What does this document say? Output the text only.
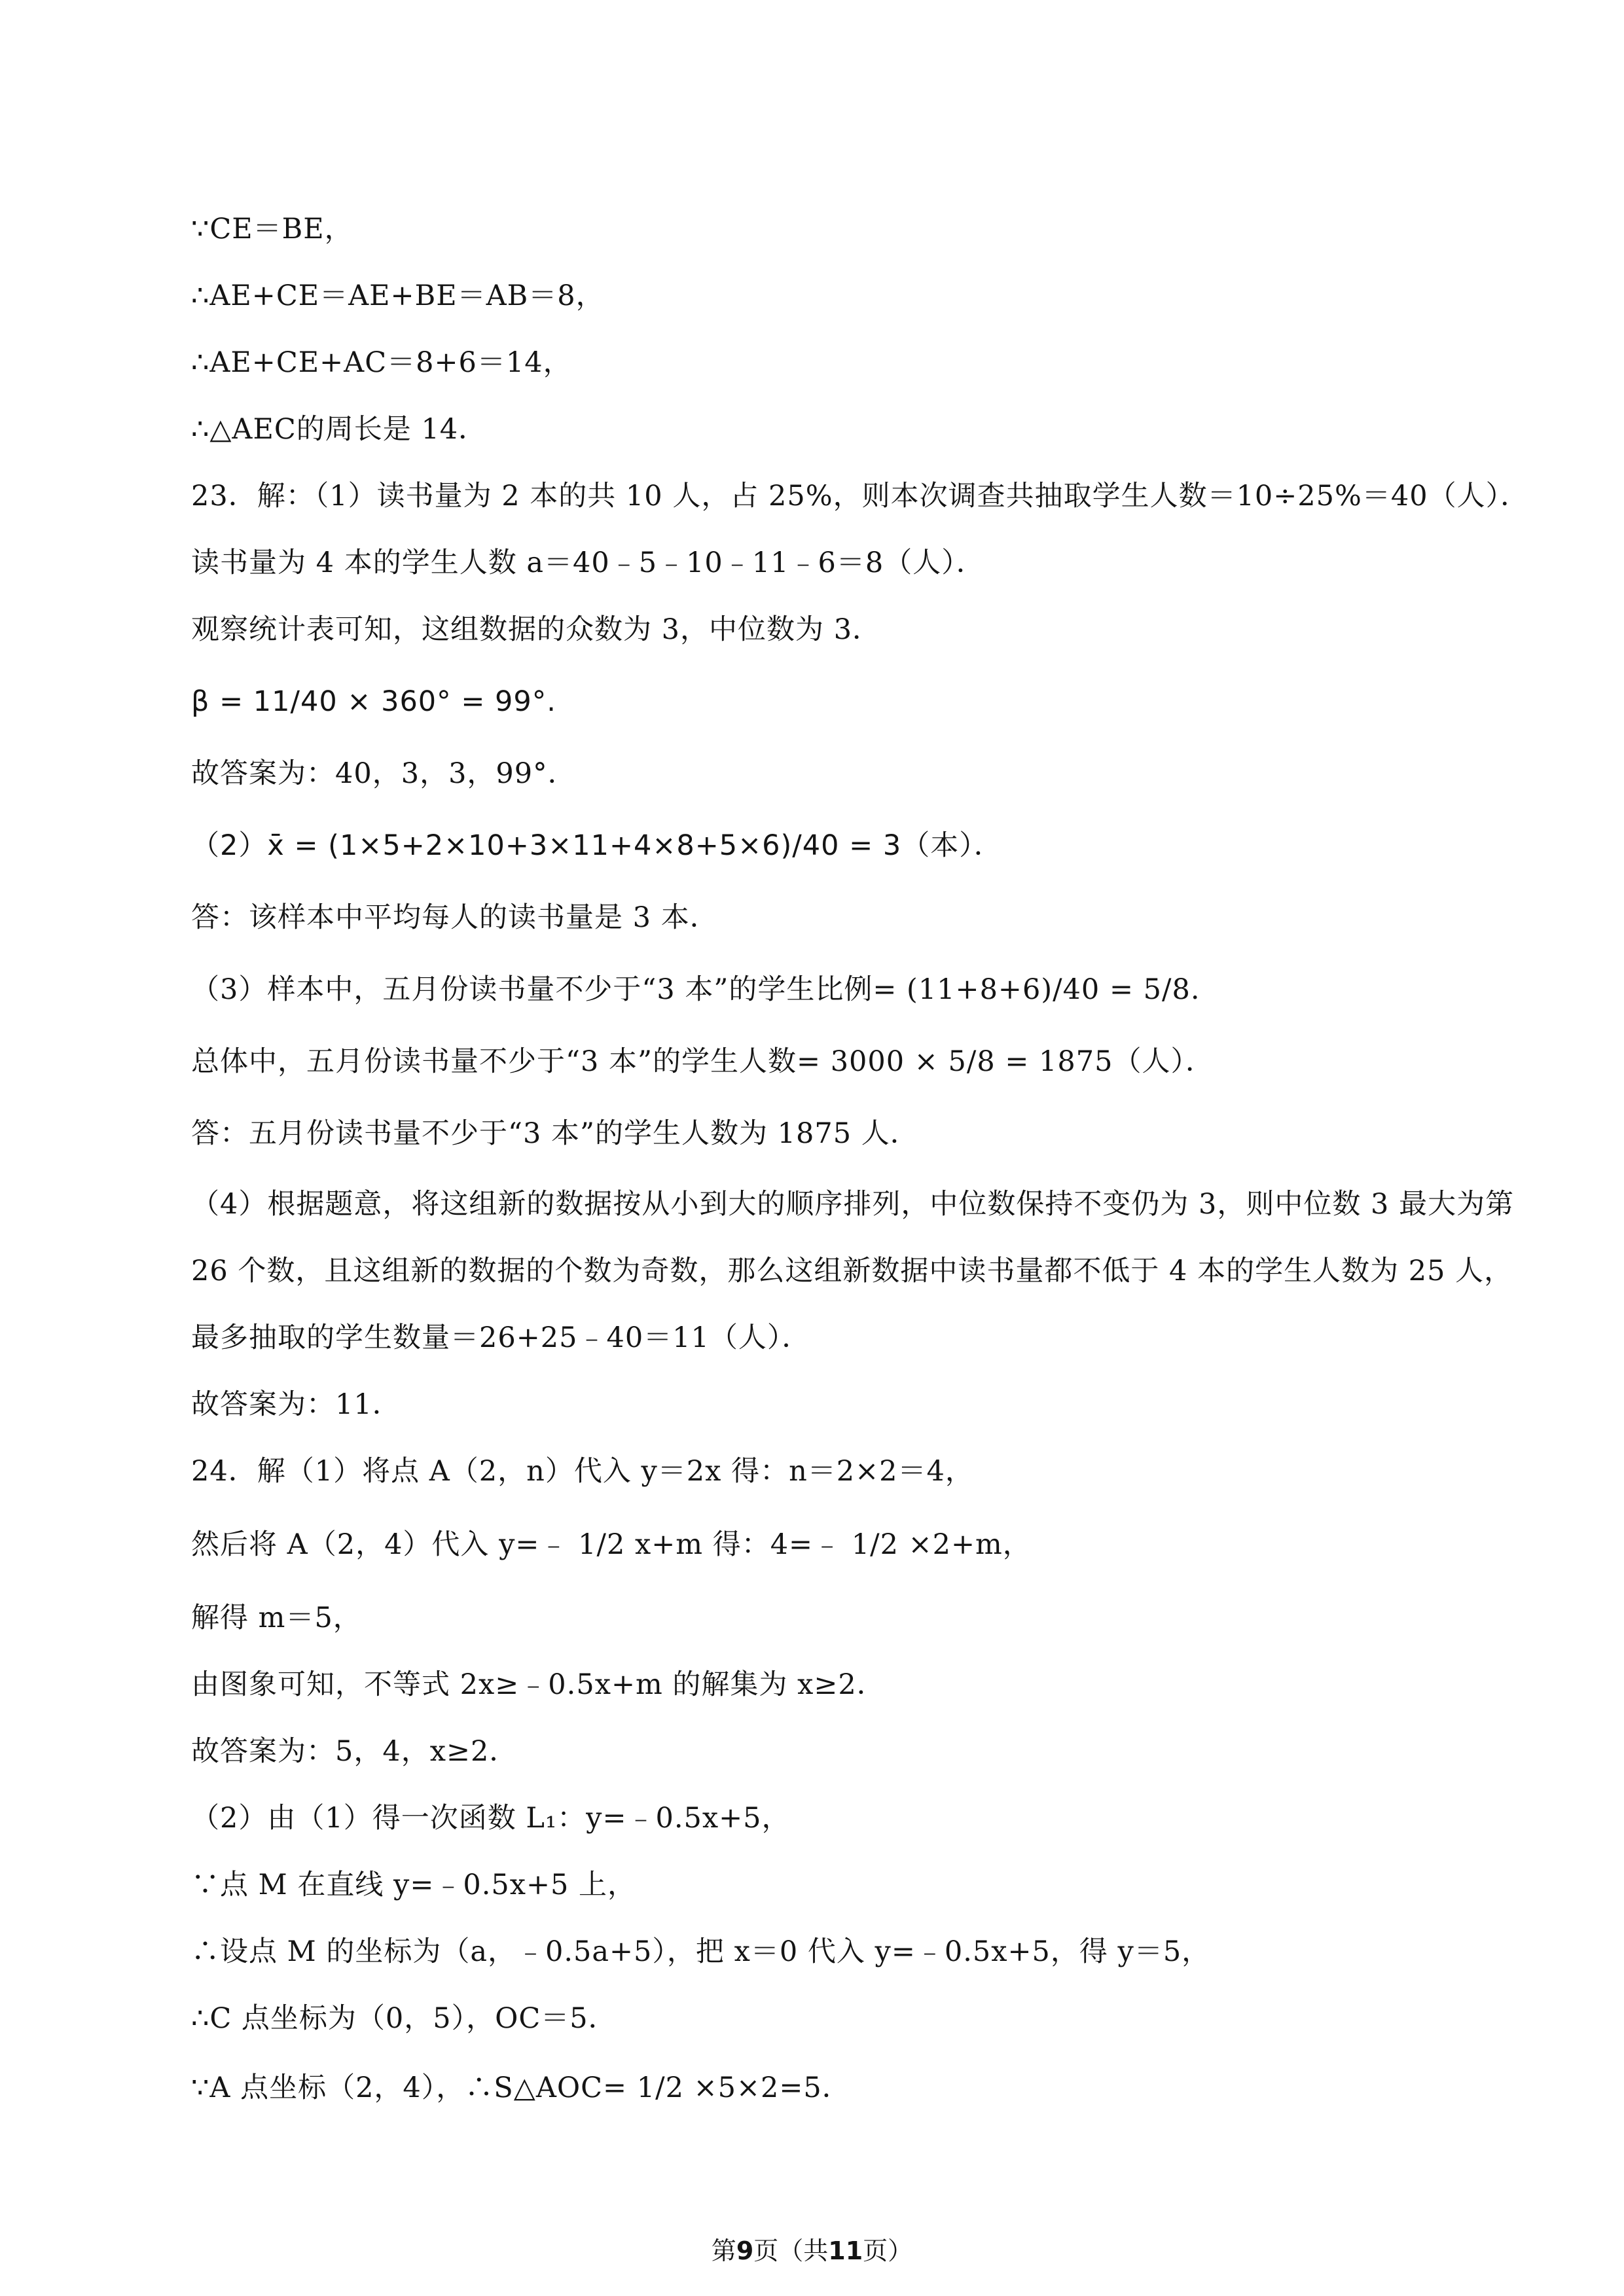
∵CE＝BE，
∴AE+CE＝AE+BE＝AB＝8，
∴AE+CE+AC＝8+6＝14，
∴△AEC的周长是 14．
23．解：（1）读书量为 2 本的共 10 人，占 25%，则本次调查共抽取学生人数＝10÷25%＝40（人）．
读书量为 4 本的学生人数 a＝40﹣5﹣10﹣11﹣6＝8（人）．
观察统计表可知，这组数据的众数为 3，中位数为 3．
β = 11/40 × 360° = 99°.
故答案为：40，3，3，99°．
（2）x̄ = (1×5+2×10+3×11+4×8+5×6)/40 = 3（本）．
答：该样本中平均每人的读书量是 3 本．
（3）样本中，五月份读书量不少于“3 本”的学生比例= (11+8+6)/40 = 5/8.
总体中，五月份读书量不少于“3 本”的学生人数= 3000 × 5/8 = 1875（人）．
答：五月份读书量不少于“3 本”的学生人数为 1875 人．
（4）根据题意，将这组新的数据按从小到大的顺序排列，中位数保持不变仍为 3，则中位数 3 最大为第
26 个数，且这组新的数据的个数为奇数，那么这组新数据中读书量都不低于 4 本的学生人数为 25 人，
最多抽取的学生数量＝26+25﹣40＝11（人）．
故答案为：11．
24．解（1）将点 A（2，n）代入 y＝2x 得：n＝2×2＝4，
然后将 A（2，4）代入 y=﹣ 1/2 x+m 得：4=﹣ 1/2 ×2+m，
解得 m＝5，
由图象可知，不等式 2x≥﹣0.5x+m 的解集为 x≥2．
故答案为：5，4，x≥2．
（2）由（1）得一次函数 L₁：y=﹣0.5x+5，
∵点 M 在直线 y=﹣0.5x+5 上，
∴设点 M 的坐标为（a，﹣0.5a+5），把 x＝0 代入 y=﹣0.5x+5，得 y＝5，
∴C 点坐标为（0，5），OC＝5．
∵A 点坐标（2，4），∴S△AOC= 1/2 ×5×2=5．
第9页（共11页）
